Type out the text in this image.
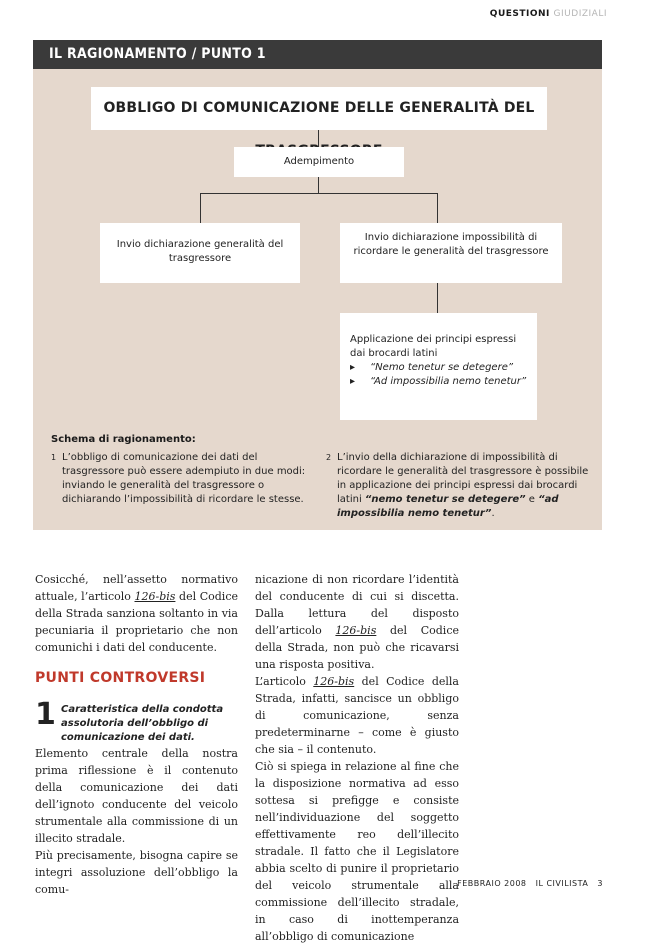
QUESTIONI GIUDIZIALI
IL RAGIONAMENTO / PUNTO 1
OBBLIGO DI COMUNICAZIONE DELLE GENERALITÀ DEL
Adempimento
Invio dichiarazione generalità del trasgressore
Invio dichiarazione impossibilità di ricordare le generalità del trasgressore
Applicazione dei principi espressi dai brocardi latini
▸ “Nemo tenetur se detegere”
▸ “Ad impossibilia nemo tenetur”
Schema di ragionamento:
1 L’obbligo di comunicazione dei dati del trasgressore può essere adempiuto in due modi: inviando le generalità del trasgressore o dichiarando l’impossibilità di ricordare le stesse.
2 L’invio della dichiarazione di impossibilità di ricordare le generalità del trasgressore è possibile in applicazione dei principi espressi dai brocardi latini “nemo tenetur se detegere” e “ad impossibilia nemo tenetur”.

Cosicché, nell’assetto normativo attuale, l’articolo 126-bis del Codice della Strada sanziona soltanto in via pecuniaria il proprietario che non comunichi i dati del conducente.

PUNTI CONTROVERSI

1 Caratteristica della condotta assolutoria dell’obbligo di comunicazione dei dati.

Elemento centrale della nostra prima riflessione è il contenuto della comunicazione dei dati dell’ignoto conducente del veicolo strumentale alla commissione di un illecito stradale.

Più precisamente, bisogna capire se integri assoluzione dell’obbligo la comu-

nicazione di non ricordare l’identità del conducente di cui si discetta. Dalla lettura del disposto dell’articolo 126-bis del Codice della Strada, non può che ricavarsi una risposta positiva.

L’articolo 126-bis del Codice della Strada, infatti, sancisce un obbligo di comunicazione, senza predeterminarne – come è giusto che sia – il contenuto.

Ciò si spiega in relazione al fine che la disposizione normativa ad esso sottesa si prefigge e consiste nell’individuazione del soggetto effettivamente reo dell’illecito stradale. Il fatto che il Legislatore abbia scelto di punire il proprietario del veicolo strumentale alla commissione dell’illecito stradale, in caso di inottemperanza all’obbligo di comunicazione

FEBBRAIO 2008 IL CIVILISTA 3
